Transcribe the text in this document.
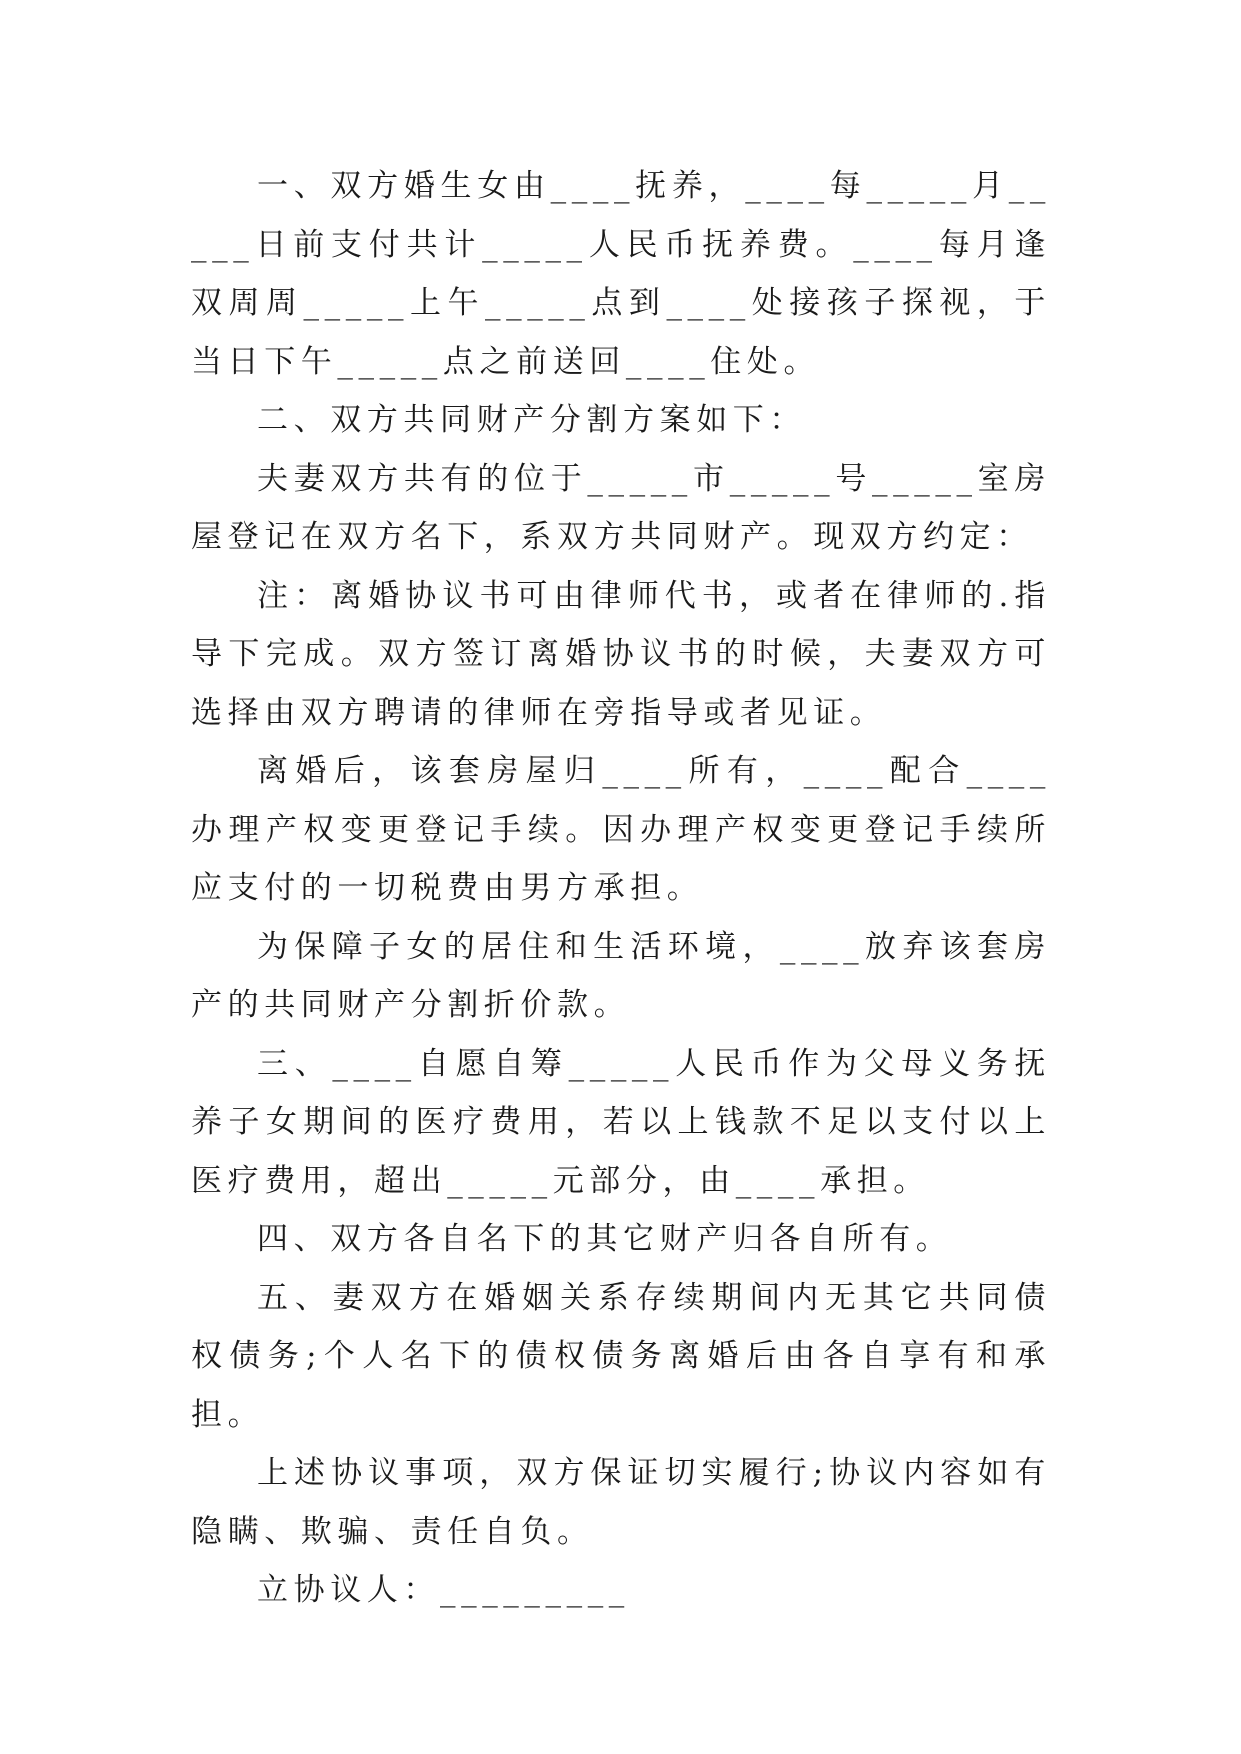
一、双方婚生女由____抚养，____每_____月_____日前支付共计_____人民币抚养费。____每月逢双周周_____上午_____点到____处接孩子探视，于当日下午_____点之前送回____住处。

二、双方共同财产分割方案如下：

夫妻双方共有的位于_____市_____号_____室房屋登记在双方名下，系双方共同财产。现双方约定：

注：离婚协议书可由律师代书，或者在律师的.指导下完成。双方签订离婚协议书的时候，夫妻双方可选择由双方聘请的律师在旁指导或者见证。

离婚后，该套房屋归____所有，____配合____办理产权变更登记手续。因办理产权变更登记手续所应支付的一切税费由男方承担。

为保障子女的居住和生活环境，____放弃该套房产的共同财产分割折价款。

三、____自愿自筹_____人民币作为父母义务抚养子女期间的医疗费用，若以上钱款不足以支付以上医疗费用，超出_____元部分，由____承担。

四、双方各自名下的其它财产归各自所有。

五、妻双方在婚姻关系存续期间内无其它共同债权债务;个人名下的债权债务离婚后由各自享有和承担。

上述协议事项，双方保证切实履行;协议内容如有隐瞒、欺骗、责任自负。

立协议人：_________
